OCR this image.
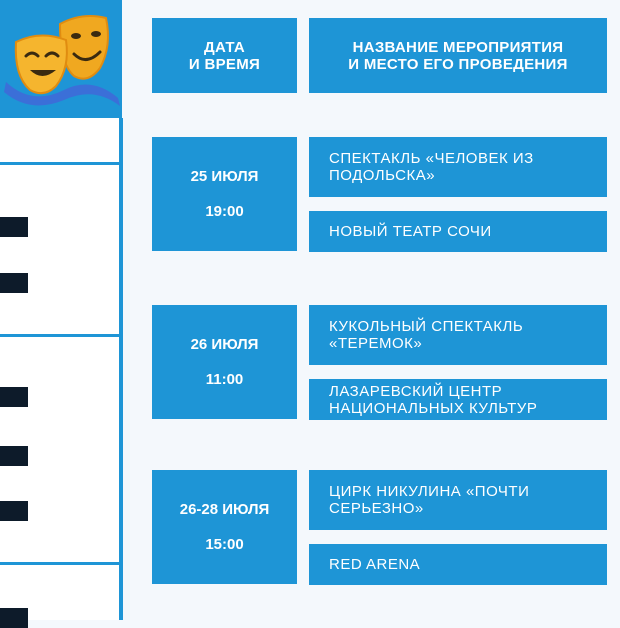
ДАТА
И ВРЕМЯ
НАЗВАНИЕ МЕРОПРИЯТИЯ
И МЕСТО ЕГО ПРОВЕДЕНИЯ
25 ИЮЛЯ
19:00
СПЕКТАКЛЬ «ЧЕЛОВЕК ИЗ ПОДОЛЬСКА»
НОВЫЙ ТЕАТР СОЧИ
26 ИЮЛЯ
11:00
КУКОЛЬНЫЙ СПЕКТАКЛЬ «ТЕРЕМОК»
ЛАЗАРЕВСКИЙ ЦЕНТР НАЦИОНАЛЬНЫХ КУЛЬТУР
26-28 ИЮЛЯ
15:00
ЦИРК НИКУЛИНА «ПОЧТИ СЕРЬЕЗНО»
RED ARENA
